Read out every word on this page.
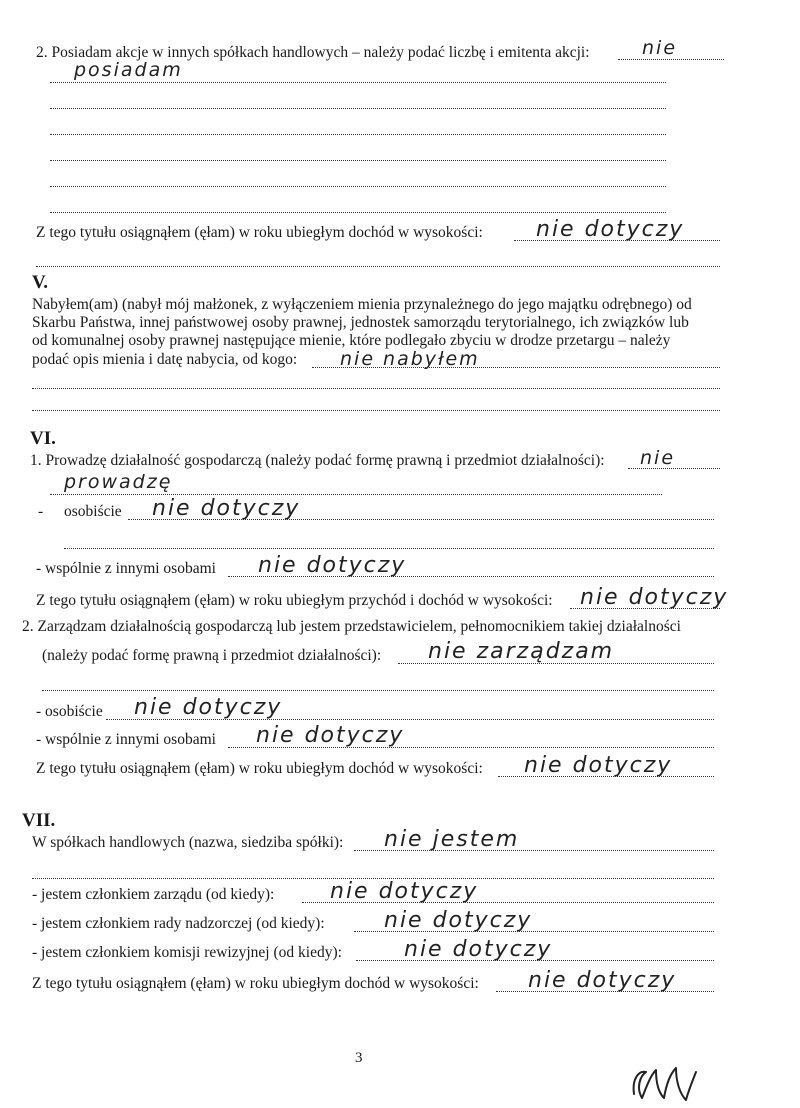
2. Posiadam akcje w innych spółkach handlowych – należy podać liczbę i emitenta akcji:	nie
posiadam
Z tego tytułu osiągnąłem (ęłam) w roku ubiegłym dochód w wysokości: nie dotyczy
V.
Nabyłem(am) (nabył mój małżonek, z wyłączeniem mienia przynależnego do jego majątku odrębnego) od
Skarbu Państwa, innej państwowej osoby prawnej, jednostek samorządu terytorialnego, ich związków lub
od komunalnej osoby prawnej następujące mienie, które podlegało zbyciu w drodze przetargu – należy
podać opis mienia i datę nabycia, od kogo: nie nabyłem
VI.
1. Prowadzę działalność gospodarczą (należy podać formę prawną i przedmiot działalności): nie
prowadzę
- osobiście nie dotyczy
- wspólnie z innymi osobami nie dotyczy
Z tego tytułu osiągnąłem (ęłam) w roku ubiegłym przychód i dochód w wysokości: nie dotyczy
2. Zarządzam działalnością gospodarczą lub jestem przedstawicielem, pełnomocnikiem takiej działalności
(należy podać formę prawną i przedmiot działalności): nie zarządzam
- osobiście nie dotyczy
- wspólnie z innymi osobami nie dotyczy
Z tego tytułu osiągnąłem (ęłam) w roku ubiegłym dochód w wysokości: nie dotyczy
VII.
W spółkach handlowych (nazwa, siedziba spółki): nie jestem
- jestem członkiem zarządu (od kiedy):	nie dotyczy
- jestem członkiem rady nadzorczej (od kiedy):	nie dotyczy
- jestem członkiem komisji rewizyjnej (od kiedy):	nie dotyczy
Z tego tytułu osiągnąłem (ęłam) w roku ubiegłym dochód w wysokości: nie dotyczy
3
